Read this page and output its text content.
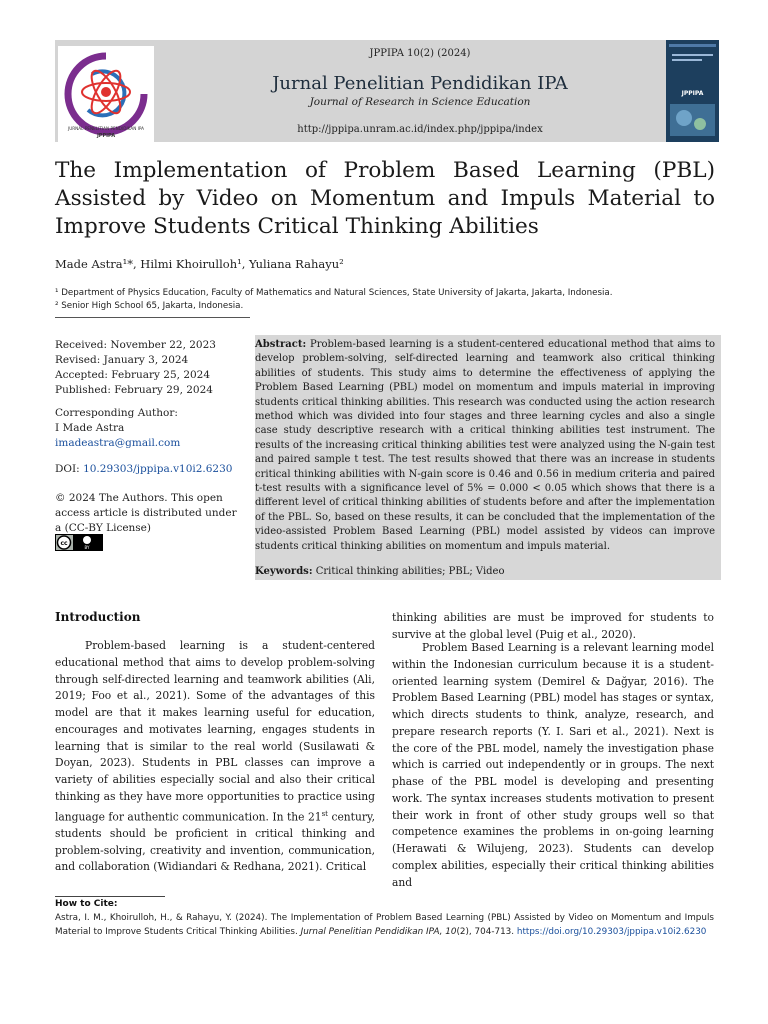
JURNAL PENELITIAN PENDIDIKAN IPA
JPPIPA
JPPIPA 10(2) (2024)
Jurnal Penelitian Pendidikan IPA
Journal of Research in Science Education
http://jppipa.unram.ac.id/index.php/jppipa/index
JPPIPA
The Implementation of Problem Based Learning (PBL) Assisted by Video on Momentum and Impuls Material to Improve Students Critical Thinking Abilities
Made Astra¹*, Hilmi Khoirulloh¹, Yuliana Rahayu²
¹ Department of Physics Education, Faculty of Mathematics and Natural Sciences, State University of Jakarta, Jakarta, Indonesia.
² Senior High School 65, Jakarta, Indonesia.
Received: November 22, 2023
Revised: January 3, 2024
Accepted: February 25, 2024
Published: February 29, 2024
Corresponding Author:
I Made Astra
imadeastra@gmail.com
DOI: 10.29303/jppipa.v10i2.6230
© 2024 The Authors. This open access article is distributed under a (CC-BY License)
cc
BY
Abstract: Problem-based learning is a student-centered educational method that aims to develop problem-solving, self-directed learning and teamwork also critical thinking abilities of students. This study aims to determine the effectiveness of applying the Problem Based Learning (PBL) model on momentum and impuls material in improving students critical thinking abilities. This research was conducted using the action research method which was divided into four stages and three learning cycles and also a single case study descriptive research with a critical thinking abilities test instrument. The results of the increasing critical thinking abilities test were analyzed using the N-gain test and paired sample t test. The test results showed that there was an increase in students critical thinking abilities with N-gain score is 0.46 and 0.56 in medium criteria and paired t-test results with a significance level of 5% = 0.000 < 0.05 which shows that there is a different level of critical thinking abilities of students before and after the implementation of the PBL. So, based on these results, it can be concluded that the implementation of the video-assisted Problem Based Learning (PBL) model assisted by videos can improve students critical thinking abilities on momentum and impuls material.
Keywords: Critical thinking abilities; PBL; Video
Introduction
Problem-based learning is a student-centered educational method that aims to develop problem-solving through self-directed learning and teamwork abilities (Ali, 2019; Foo et al., 2021). Some of the advantages of this model are that it makes learning useful for education, encourages and motivates learning, engages students in learning that is similar to the real world (Susilawati & Doyan, 2023). Students in PBL classes can improve a variety of abilities especially social and also their critical thinking as they have more opportunities to practice using language for authentic communication. In the 21st century, students should be proficient in critical thinking and problem-solving, creativity and invention, communication, and collaboration (Widiandari & Redhana, 2021). Critical
thinking abilities are must be improved for students to survive at the global level (Puig et al., 2020).
Problem Based Learning is a relevant learning model within the Indonesian curriculum because it is a student-oriented learning system (Demirel & Dağyar, 2016). The Problem Based Learning (PBL) model has stages or syntax, which directs students to think, analyze, research, and prepare research reports (Y. I. Sari et al., 2021). Next is the core of the PBL model, namely the investigation phase which is carried out independently or in groups. The next phase of the PBL model is developing and presenting work. The syntax increases students motivation to present their work in front of other study groups well so that competence examines the problems in on-going learning (Herawati & Wilujeng, 2023). Students can develop complex abilities, especially their critical thinking abilities and
How to Cite:
Astra, I. M., Khoirulloh, H., & Rahayu, Y. (2024). The Implementation of Problem Based Learning (PBL) Assisted by Video on Momentum and Impuls Material to Improve Students Critical Thinking Abilities. Jurnal Penelitian Pendidikan IPA, 10(2), 704-713. https://doi.org/10.29303/jppipa.v10i2.6230
